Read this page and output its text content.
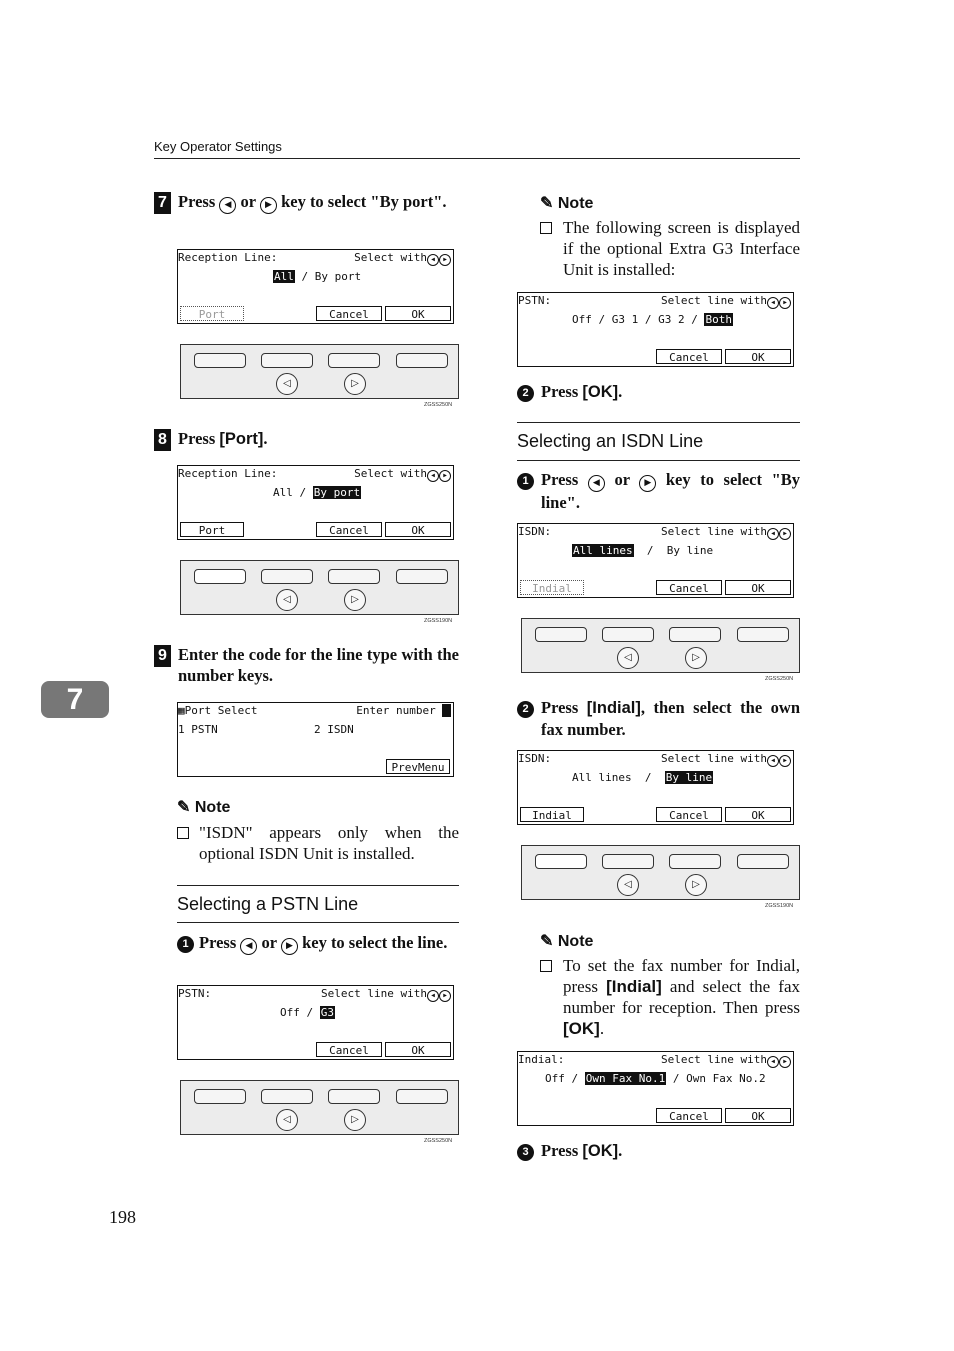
Key Operator Settings
7
198
7 Press ◀ or ▶ key to select "By port".
Reception Line:	Select with ◀ ▶
All / By port
Port	Cancel	OK
◁	▷
ZGSS250N
8 Press [Port].
Reception Line:	Select with ◀ ▶
All / By port
Port	Cancel	OK
◁	▷
ZGSS190N
9 Enter the code for the line type with the number keys.
▦Port Select	Enter number
1 PSTN	2 ISDN
PrevMenu
✎ Note
"ISDN" appears only when the optional ISDN Unit is installed.
Selecting a PSTN Line
1 Press ◀ or ▶ key to select the line.
PSTN:	Select line with ◀ ▶
Off / G3
Cancel	OK
◁	▷
ZGSS250N
✎ Note
The following screen is displayed if the optional Extra G3 Interface Unit is installed:
PSTN:	Select line with ◀ ▶
Off / G3 1 / G3 2 / Both
Cancel	OK
2 Press [OK].
Selecting an ISDN Line
1 Press ◀ or ▶ key to select "By line".
ISDN:	Select line with ◀ ▶
All lines / By line
Indial	Cancel	OK
◁	▷
ZGSS250N
2 Press [Indial], then select the own fax number.
ISDN:	Select line with ◀ ▶
All lines / By line
Indial	Cancel	OK
◁	▷
ZGSS190N
✎ Note
To set the fax number for Indial, press [Indial] and select the fax number for reception. Then press [OK].
Indial:	Select line with ◀ ▶
Off / Own Fax No.1 / Own Fax No.2
Cancel	OK
3 Press [OK].
